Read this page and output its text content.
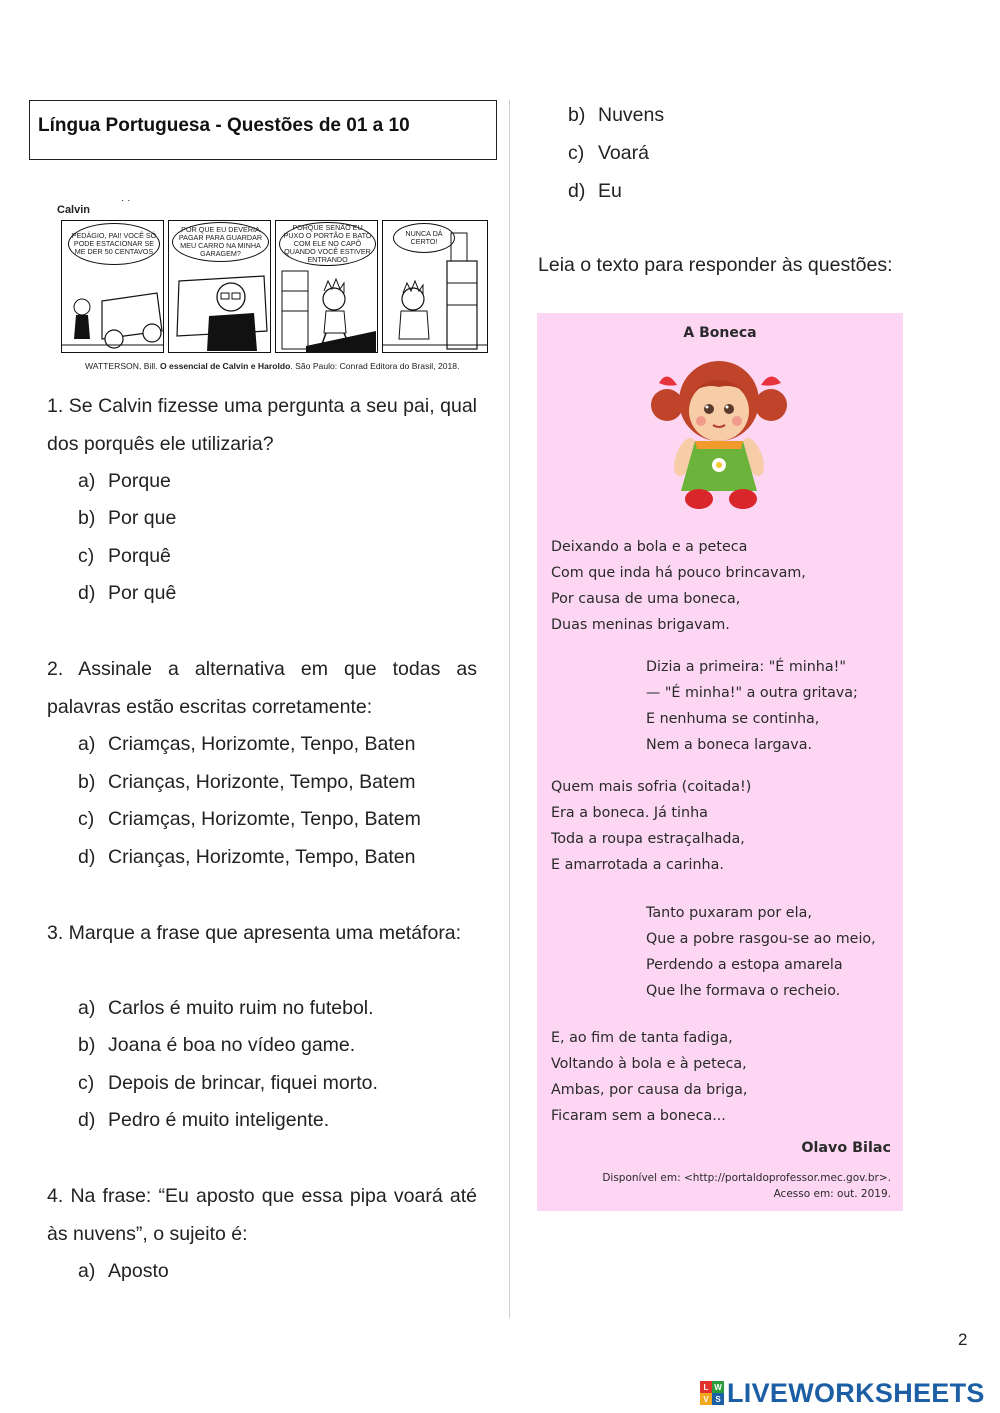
Língua Portuguesa - Questões de 01 a 10
· ·
Calvin
PEDÁGIO, PAI! VOCÊ SÓ PODE ESTACIONAR SE ME DER 50 CENTAVOS
POR QUE EU DEVERIA PAGAR PARA GUARDAR MEU CARRO NA MINHA GARAGEM?
PORQUE SENÃO EU PUXO O PORTÃO E BATO COM ELE NO CAPÔ QUANDO VOCÊ ESTIVER ENTRANDO
NUNCA DÁ CERTO!
WATTERSON, Bill. O essencial de Calvin e Haroldo. São Paulo: Conrad Editora do Brasil, 2018.
1. Se Calvin fizesse uma pergunta a seu pai, qual dos porquês ele utilizaria?
a) Porque
b) Por que
c) Porquê
d) Por quê
2. Assinale a alternativa em que todas as palavras estão escritas corretamente:
a) Criamças, Horizomte, Tenpo, Baten
b) Crianças, Horizonte, Tempo, Batem
c) Criamças, Horizomte, Tenpo, Batem
d) Crianças, Horizomte, Tempo, Baten
3. Marque a frase que apresenta uma metáfora:
a) Carlos é muito ruim no futebol.
b) Joana é boa no vídeo game.
c) Depois de brincar, fiquei morto.
d) Pedro é muito inteligente.
4. Na frase: “Eu aposto que essa pipa voará até às nuvens”, o sujeito é:
a) Aposto
b) Nuvens
c) Voará
d) Eu
Leia o texto para responder às questões:
A Boneca
Deixando a bola e a peteca
Com que inda há pouco brincavam,
Por causa de uma boneca,
Duas meninas brigavam.
Dizia a primeira: "É minha!"
— "É minha!" a outra gritava;
E nenhuma se continha,
Nem a boneca largava.
Quem mais sofria (coitada!)
Era a boneca. Já tinha
Toda a roupa estraçalhada,
E amarrotada a carinha.
Tanto puxaram por ela,
Que a pobre rasgou-se ao meio,
Perdendo a estopa amarela
Que lhe formava o recheio.
E, ao fim de tanta fadiga,
Voltando à bola e à peteca,
Ambas, por causa da briga,
Ficaram sem a boneca...
Olavo Bilac
Disponível em: <http://portaldoprofessor.mec.gov.br>.
Acesso em: out. 2019.
2
L W
V S LIVEWORKSHEETS
